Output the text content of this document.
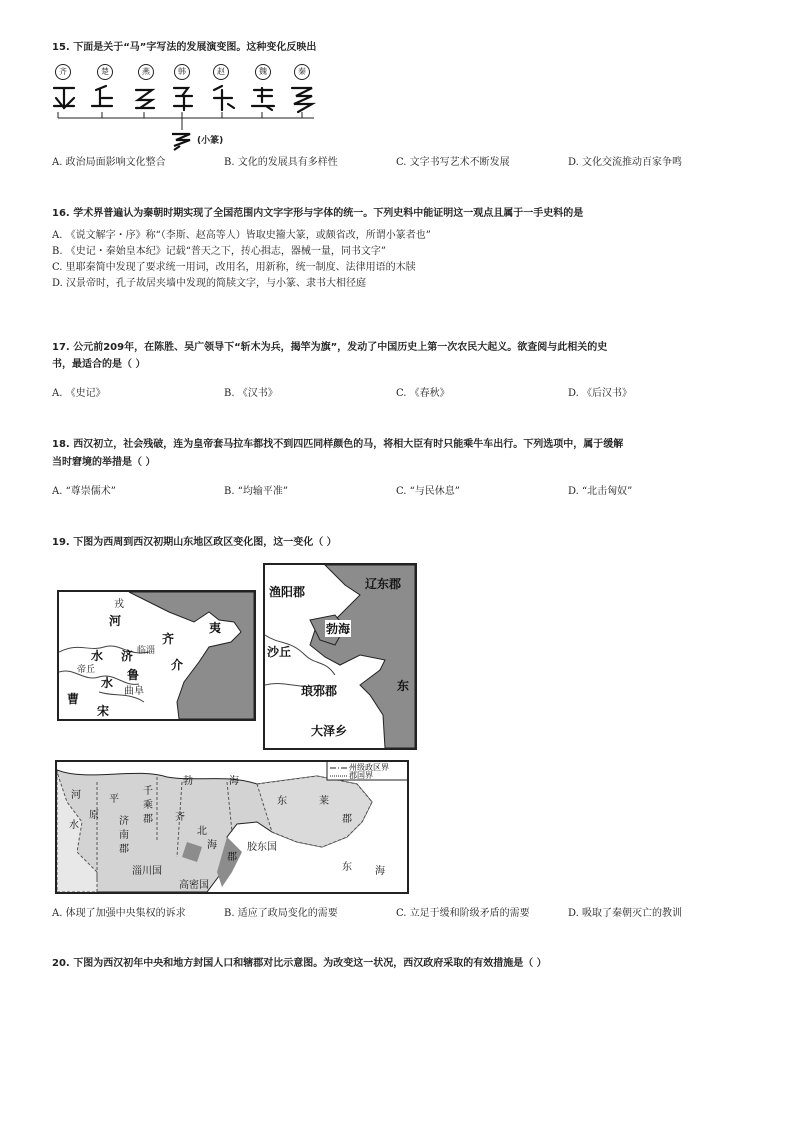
15. 下面是关于“马”字写法的发展演变图。这种变化反映出
齐	楚	燕	韩	赵	魏	秦
(小篆)
A. 政治局面影响文化整合	B. 文化的发展具有多样性	C. 文字书写艺术不断发展	D. 文化交流推动百家争鸣
16. 学术界普遍认为秦朝时期实现了全国范围内文字字形与字体的统一。下列史料中能证明这一观点且属于一手史料的是
A. 《说文解字・序》称“（李斯、赵高等人）皆取史籀大篆，或颇省改，所谓小篆者也”
B. 《史记・秦始皇本纪》记载“普天之下，抟心揖志，器械一量，同书文字”
C. 里耶秦简中发现了要求统一用词，改用名，用新称，统一制度、法律用语的木牍
D. 汉景帝时，孔子故居夹墙中发现的简牍文字，与小篆、隶书大相径庭
17. 公元前209年，在陈胜、吴广领导下“斩木为兵，揭竿为旗”，发动了中国历史上第一次农民大起义。欲查阅与此相关的史
书，最适合的是（ ）
A. 《史记》	B. 《汉书》	C. 《春秋》	D. 《后汉书》
18. 西汉初立，社会残破，连为皇帝套马拉车都找不到四匹同样颜色的马，将相大臣有时只能乘牛车出行。下列选项中，属于缓解
当时窘境的举措是（ ）
A. “尊崇儒术”	B. “均输平准”	C. “与民休息”	D. “北击匈奴”
19. 下图为西周到西汉初期山东地区政区变化图，这一变化（ ）
戎
河
齐
临淄
夷
水 济
介
帝丘	鲁
水
曲阜
曹
宋
渔阳郡
辽东郡
勃海
沙丘
琅邪郡	东
大泽乡
州级政区界
郡国界
勃	海
平
千
乘
郡
原
济
南
郡
齐
北
海
郡
东	莱
郡
胶东国
东 海
淄川国
高密国
水
河
A. 体现了加强中央集权的诉求	B. 适应了政局变化的需要	C. 立足于缓和阶级矛盾的需要	D. 吸取了秦朝灭亡的教训
20. 下图为西汉初年中央和地方封国人口和辖郡对比示意图。为改变这一状况，西汉政府采取的有效措施是（ ）
